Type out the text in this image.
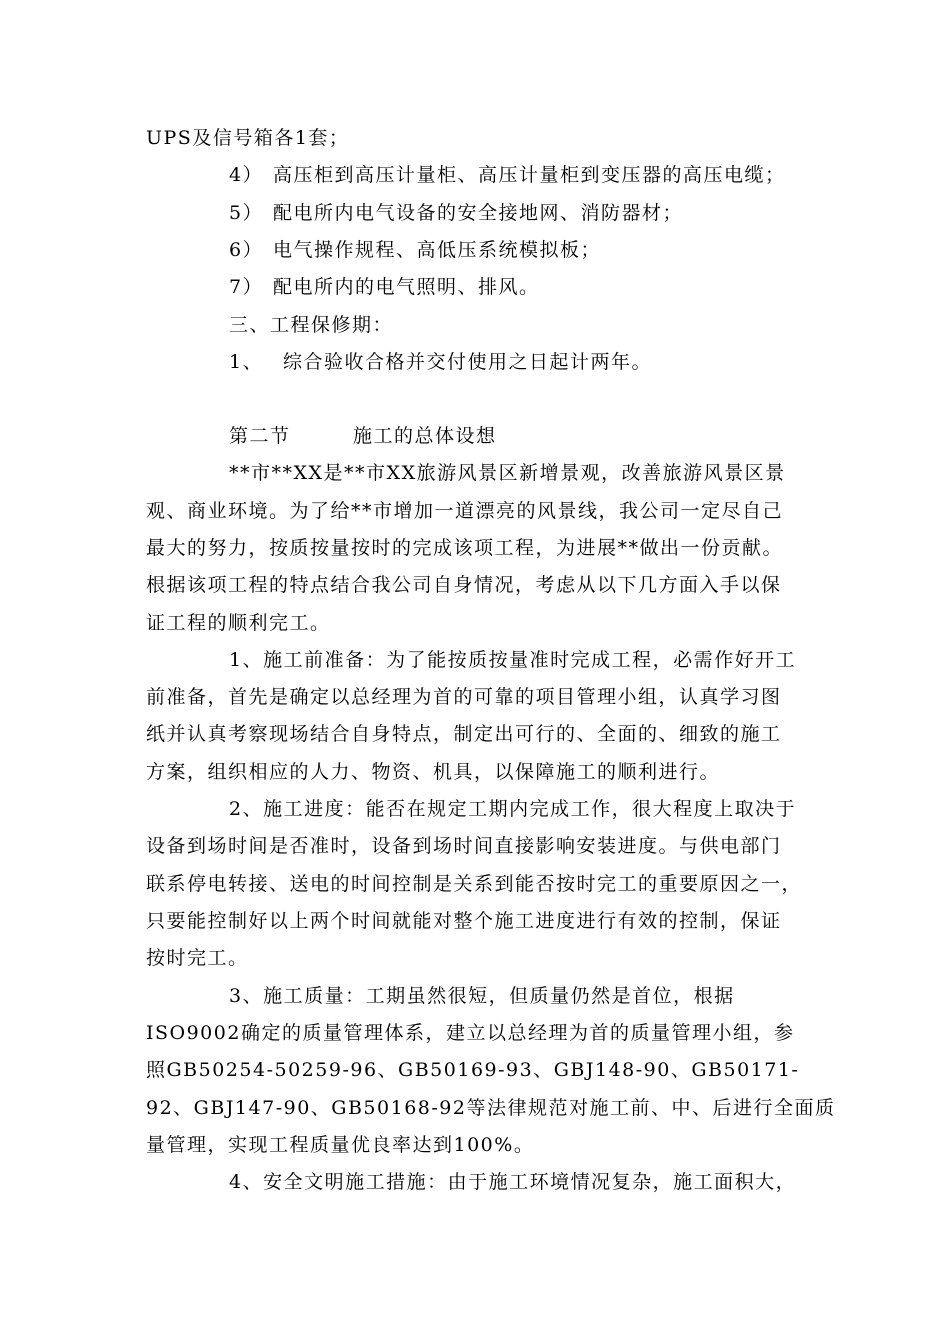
UPS及信号箱各1套；
4） 高压柜到高压计量柜、高压计量柜到变压器的高压电缆；
5） 配电所内电气设备的安全接地网、消防器材；
6） 电气操作规程、高低压系统模拟板；
7） 配电所内的电气照明、排风。
三、工程保修期：
1、 综合验收合格并交付使用之日起计两年。
第二节	施工的总体设想
**市**XX是**市XX旅游风景区新增景观，改善旅游风景区景
观、商业环境。为了给**市增加一道漂亮的风景线，我公司一定尽自己
最大的努力，按质按量按时的完成该项工程，为进展**做出一份贡献。
根据该项工程的特点结合我公司自身情况，考虑从以下几方面入手以保
证工程的顺利完工。
1、施工前准备：为了能按质按量准时完成工程，必需作好开工
前准备，首先是确定以总经理为首的可靠的项目管理小组，认真学习图
纸并认真考察现场结合自身特点，制定出可行的、全面的、细致的施工
方案，组织相应的人力、物资、机具，以保障施工的顺利进行。
2、施工进度：能否在规定工期内完成工作，很大程度上取决于
设备到场时间是否准时，设备到场时间直接影响安装进度。与供电部门
联系停电转接、送电的时间控制是关系到能否按时完工的重要原因之一，
只要能控制好以上两个时间就能对整个施工进度进行有效的控制，保证
按时完工。
3、施工质量：工期虽然很短，但质量仍然是首位，根据
ISO9002确定的质量管理体系，建立以总经理为首的质量管理小组，参
照GB50254-50259-96、GB50169-93、GBJ148-90、GB50171-
92、GBJ147-90、GB50168-92等法律规范对施工前、中、后进行全面质
量管理，实现工程质量优良率达到100%。
4、安全文明施工措施：由于施工环境情况复杂，施工面积大，
